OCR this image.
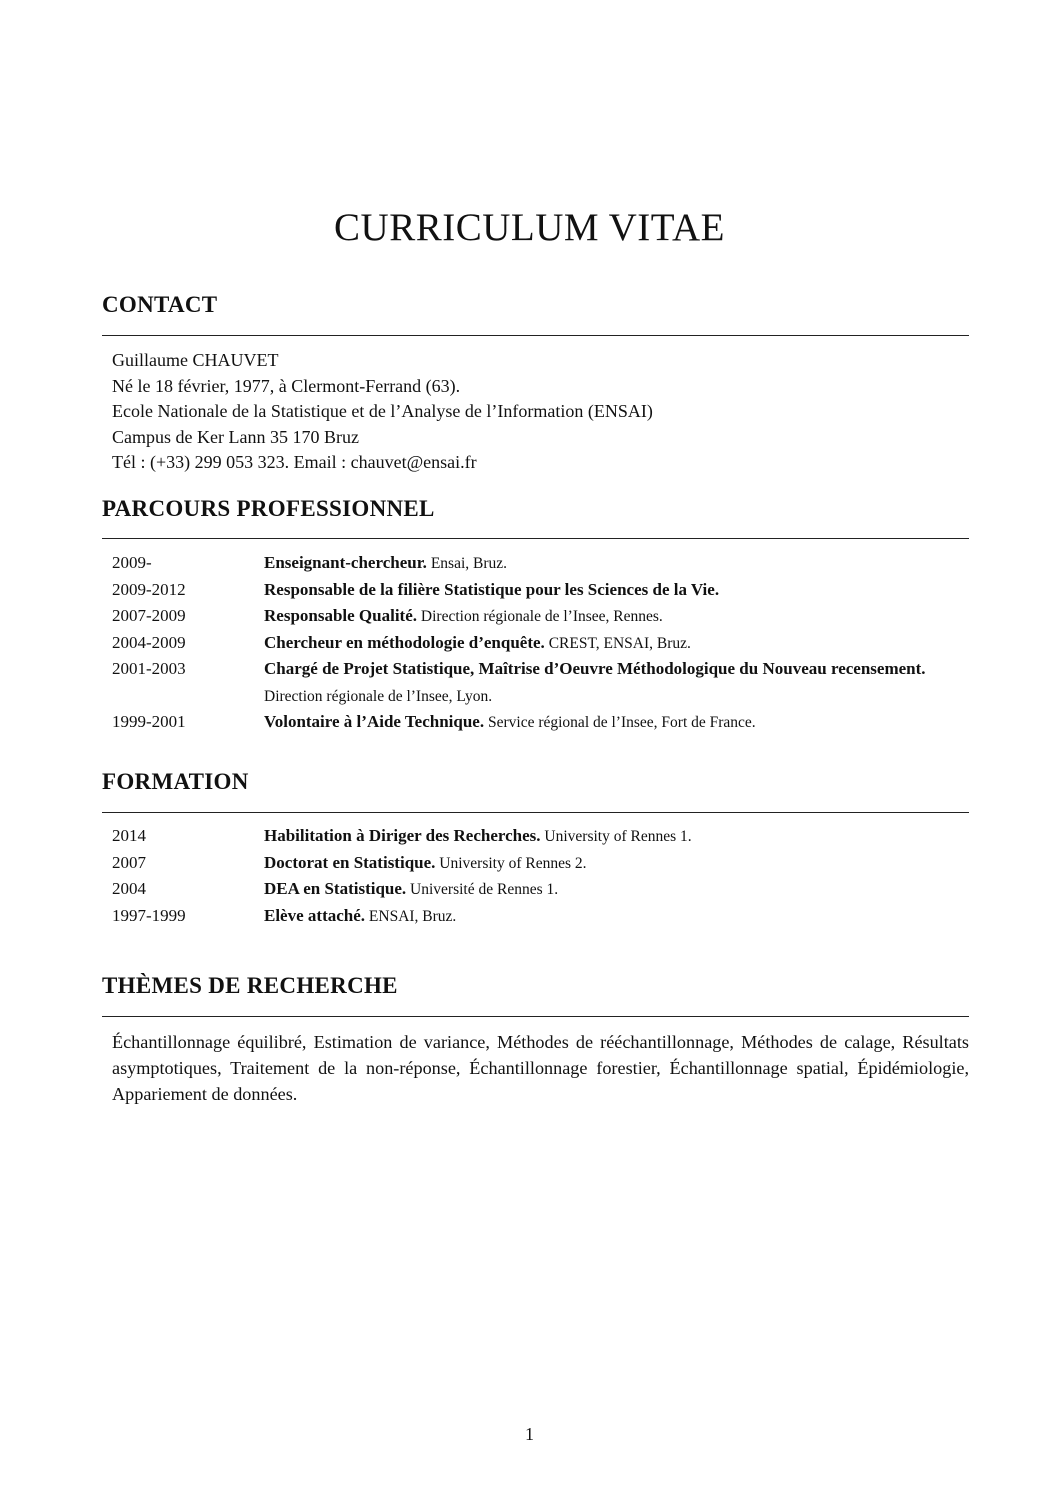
CURRICULUM VITAE
CONTACT
Guillaume CHAUVET
Né le 18 février, 1977, à Clermont-Ferrand (63).
Ecole Nationale de la Statistique et de l’Analyse de l’Information (ENSAI)
Campus de Ker Lann 35 170 Bruz
Tél : (+33) 299 053 323. Email : chauvet@ensai.fr
PARCOURS PROFESSIONNEL
2009-	Enseignant-chercheur. Ensai, Bruz.
2009-2012	Responsable de la filière Statistique pour les Sciences de la Vie.
2007-2009	Responsable Qualité. Direction régionale de l’Insee, Rennes.
2004-2009	Chercheur en méthodologie d’enquête. CREST, ENSAI, Bruz.
2001-2003	Chargé de Projet Statistique, Maîtrise d’Oeuvre Méthodologique du Nouveau recensement. Direction régionale de l’Insee, Lyon.
1999-2001	Volontaire à l’Aide Technique. Service régional de l’Insee, Fort de France.
FORMATION
2014	Habilitation à Diriger des Recherches. University of Rennes 1.
2007	Doctorat en Statistique. University of Rennes 2.
2004	DEA en Statistique. Université de Rennes 1.
1997-1999	Elève attaché. ENSAI, Bruz.
THÈMES DE RECHERCHE
Échantillonnage équilibré, Estimation de variance, Méthodes de rééchantillonnage, Méthodes de calage, Résultats asymptotiques, Traitement de la non-réponse, Échantillonnage forestier, Échantillonnage spatial, Épidémiologie, Appariement de données.
1
